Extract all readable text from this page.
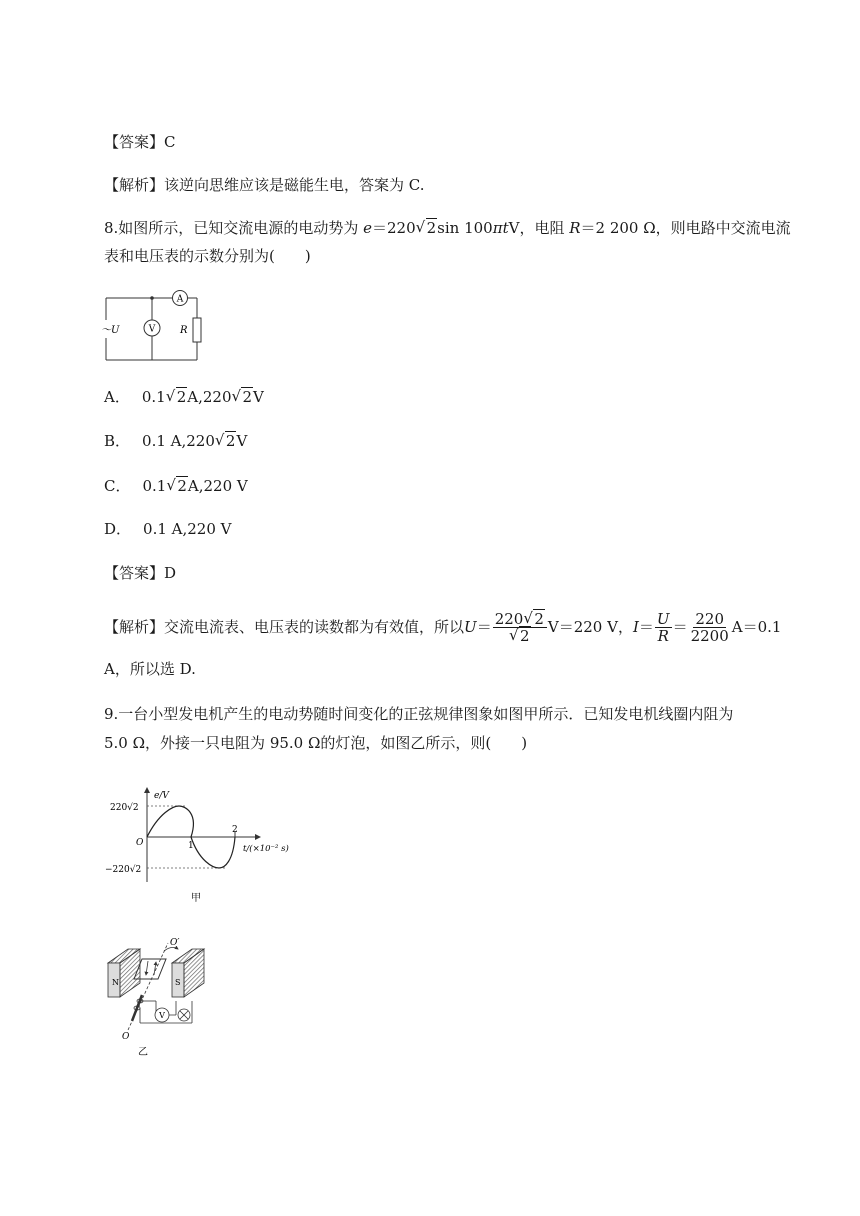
【答案】C
【解析】该逆向思维应该是磁能生电，答案为 C.
8.如图所示，已知交流电源的电动势为 e＝220 √ 2sin 100πtV，电阻 R＝2 200 Ω，则电路中交流电流
表和电压表的示数分别为( )
A
V
～U	R
A． 0.1 √ 2A,220 √ 2V
B． 0.1 A,220 √ 2V
C． 0.1 √ 2A,220 V
D． 0.1 A,220 V
【答案】D
【解析】 交流电流表、电压表的读数都为有效值，所以 U ＝ 220 √ 2
√ 2 V＝220 V， $I = \frac{U}{R} = \frac{220}{2200} A=0.1$
A，所以选 D.
9.一台小型发电机产生的电动势随时间变化的正弦规律图象如图甲所示．已知发电机线圈内阻为
5.0 Ω，外接一只电阻为 95.0 Ω的灯泡，如图乙所示，则( )
e/V
220√2
O	1
2
t/(×10⁻² s)
−220√2
甲
V
N	S
O′
O
乙
